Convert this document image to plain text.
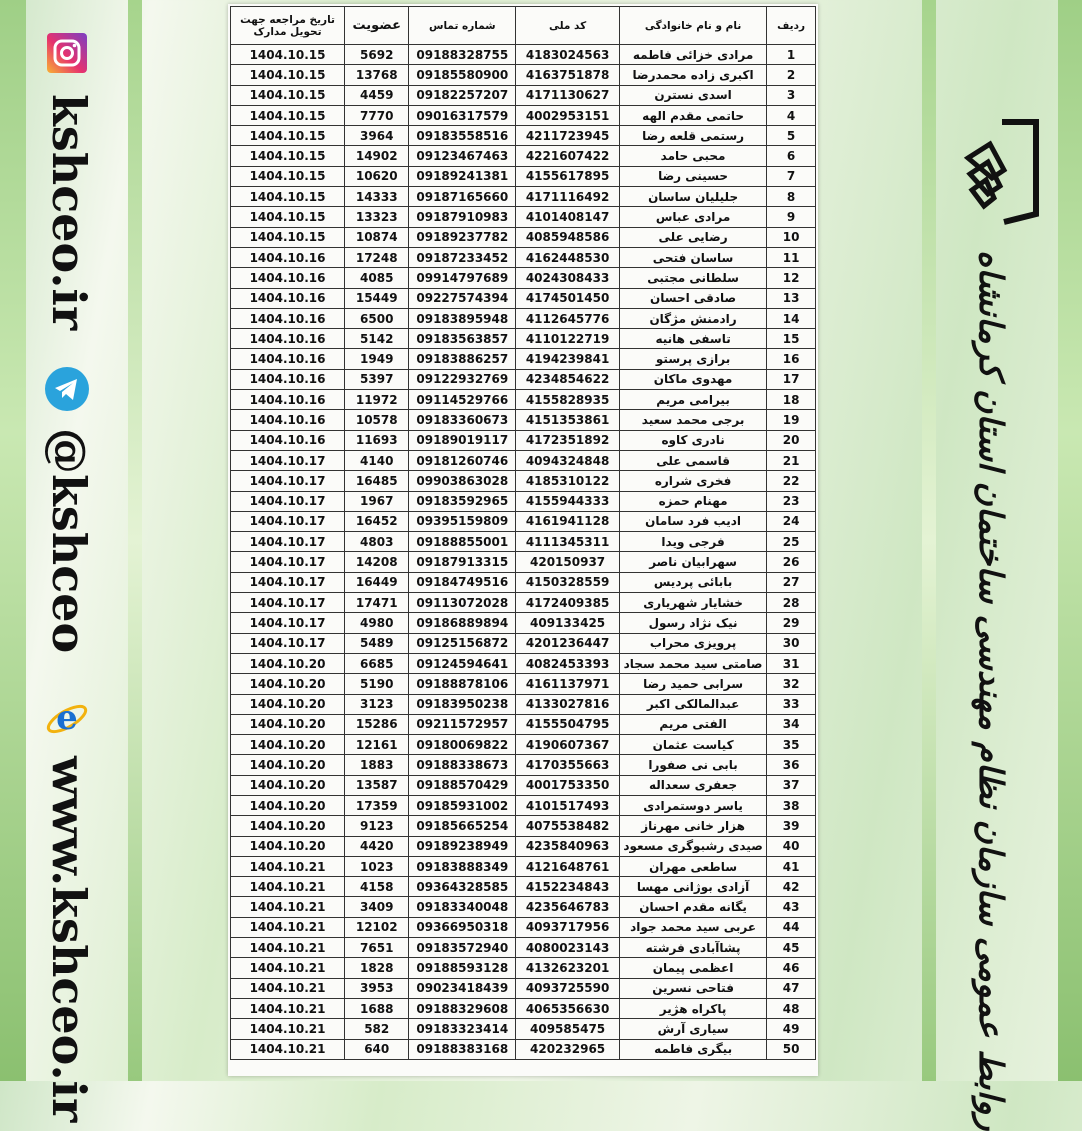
kshceo.ir
@kshceo
e
www.kshceo.ir
تاریخ مراجعه جهت تحویل مدارک	عضویت	شماره تماس	کد ملی	نام و نام خانوادگی	ردیف
1404.10.15	5692	09188328755	4183024563	مرادی خزائی فاطمه	1
1404.10.15	13768	09185580900	4163751878	اکبری زاده محمدرضا	2
1404.10.15	4459	09182257207	4171130627	اسدی نسترن	3
1404.10.15	7770	09016317579	4002953151	حاتمی مقدم الهه	4
1404.10.15	3964	09183558516	4211723945	رستمی قلعه رضا	5
1404.10.15	14902	09123467463	4221607422	محبی حامد	6
1404.10.15	10620	09189241381	4155617895	حسینی رضا	7
1404.10.15	14333	09187165660	4171116492	جلیلیان ساسان	8
1404.10.15	13323	09187910983	4101408147	مرادی عباس	9
1404.10.15	10874	09189237782	4085948586	رضایی علی	10
1404.10.16	17248	09187233452	4162448530	ساسان فتحی	11
1404.10.16	4085	09914797689	4024308433	سلطانی مجتبی	12
1404.10.16	15449	09227574394	4174501450	صادقی احسان	13
1404.10.16	6500	09183895948	4112645776	رادمنش مژگان	14
1404.10.16	5142	09183563857	4110122719	تاسفی هانیه	15
1404.10.16	1949	09183886257	4194239841	برازی پرستو	16
1404.10.16	5397	09122932769	4234854622	مهدوی ماکان	17
1404.10.16	11972	09114529766	4155828935	بیرامی مریم	18
1404.10.16	10578	09183360673	4151353861	برجی محمد سعید	19
1404.10.16	11693	09189019117	4172351892	نادری کاوه	20
1404.10.17	4140	09181260746	4094324848	قاسمی علی	21
1404.10.17	16485	09903863028	4185310122	فخری شراره	22
1404.10.17	1967	09183592965	4155944333	مهنام حمزه	23
1404.10.17	16452	09395159809	4161941128	ادیب فرد سامان	24
1404.10.17	4803	09188855001	4111345311	فرجی ویدا	25
1404.10.17	14208	09187913315	420150937	سهرابیان ناصر	26
1404.10.17	16449	09184749516	4150328559	بابائی پردیس	27
1404.10.17	17471	09113072028	4172409385	خشایار شهریاری	28
1404.10.17	4980	09186889894	409133425	نیک نژاد رسول	29
1404.10.17	5489	09125156872	4201236447	پرویزی محراب	30
1404.10.20	6685	09124594641	4082453393	صامتی سید محمد سجاد	31
1404.10.20	5190	09188878106	4161137971	سرابی حمید رضا	32
1404.10.20	3123	09183950238	4133027816	عبدالمالکی اکبر	33
1404.10.20	15286	09211572957	4155504795	الفتی مریم	34
1404.10.20	12161	09180069822	4190607367	کیاست عثمان	35
1404.10.20	1883	09188338673	4170355663	بابی نی صفورا	36
1404.10.20	13587	09188570429	4001753350	جعفری سعداله	37
1404.10.20	17359	09185931002	4101517493	یاسر دوستمرادی	38
1404.10.20	9123	09185665254	4075538482	هزار خانی مهرناز	39
1404.10.20	4420	09189238949	4235840963	صیدی رشبوگری مسعود	40
1404.10.21	1023	09183888349	4121648761	ساطعی مهران	41
1404.10.21	4158	09364328585	4152234843	آزادی بوژانی مهسا	42
1404.10.21	3409	09183340048	4235646783	یگانه مقدم احسان	43
1404.10.21	12102	09366950318	4093717956	عربی سید محمد جواد	44
1404.10.21	7651	09183572940	4080023143	پشاآبادی فرشته	45
1404.10.21	1828	09188593128	4132623201	اعظمی پیمان	46
1404.10.21	3953	09023418439	4093725590	فتاحی نسرین	47
1404.10.21	1688	09188329608	4065356630	پاکراه هژیر	48
1404.10.21	582	09183323414	409585475	سیاری آرش	49
1404.10.21	640	09188383168	420232965	بیگری فاطمه	50	روابط عمومی سازمان نظام مهندسی ساختمان استان کرمانشاه
